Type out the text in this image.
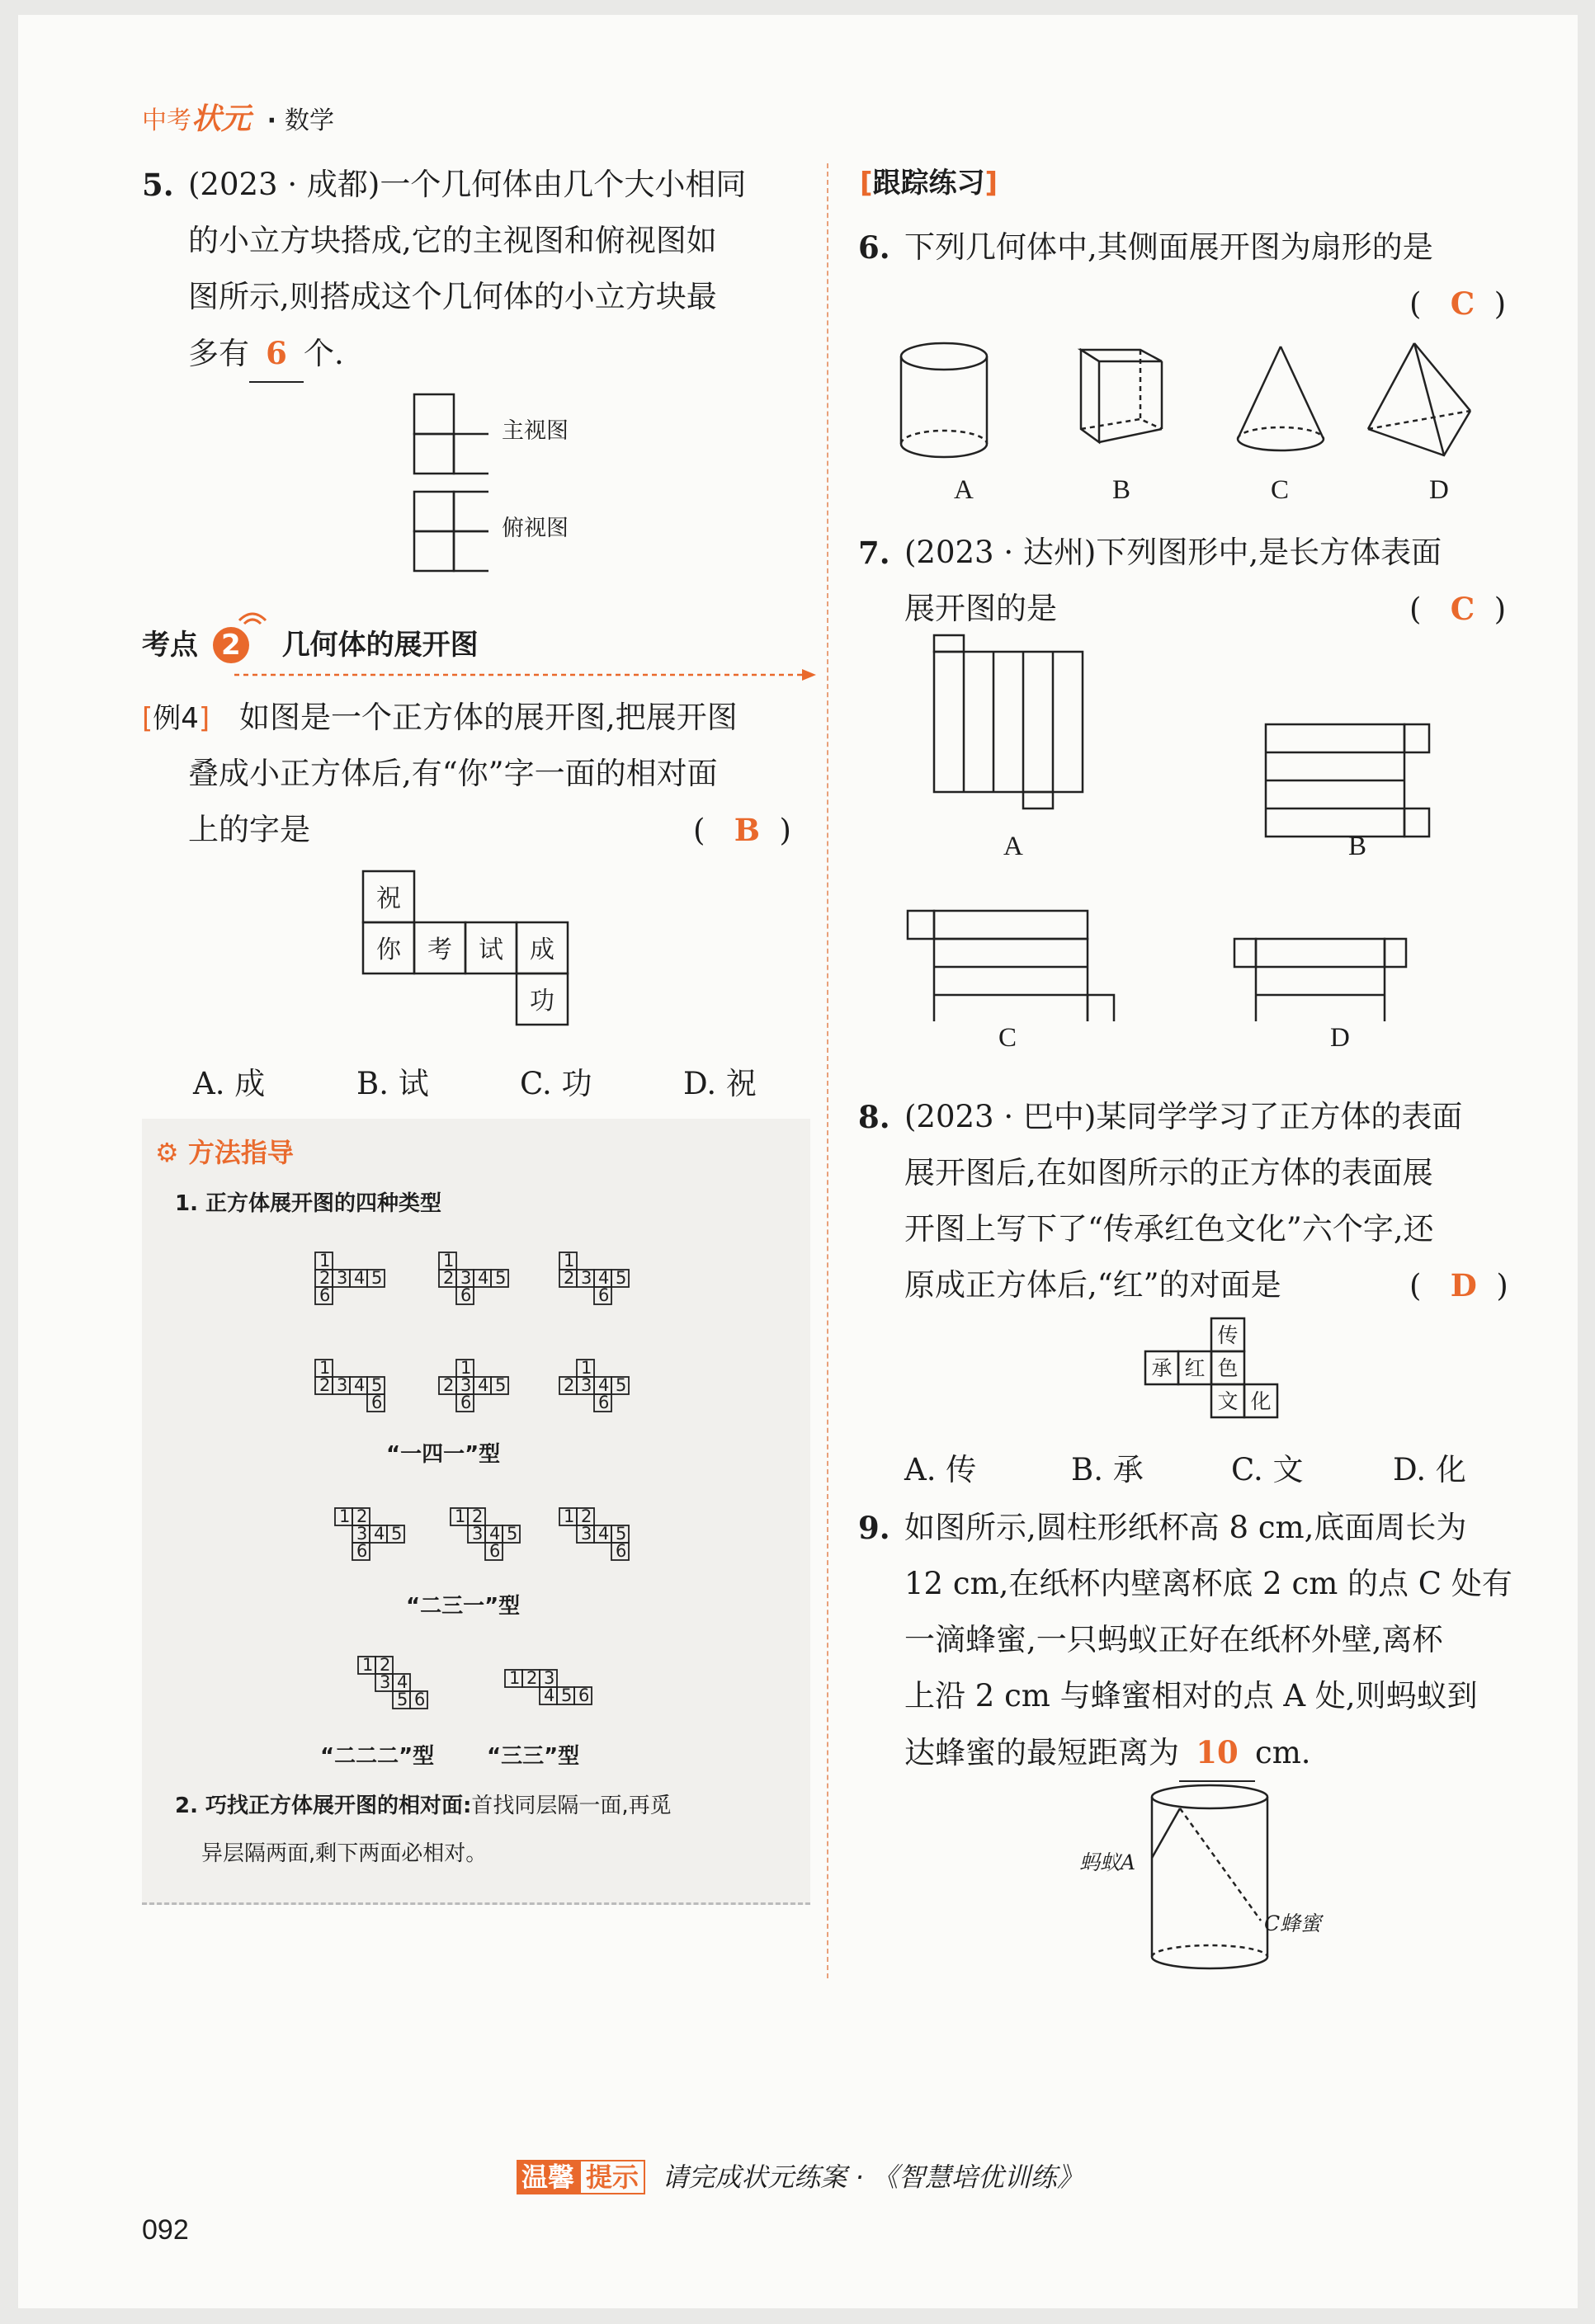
中考状元 · 数学
5. (2023 · 成都)一个几何体由几个大小相同
的小立方块搭成,它的主视图和俯视图如
图所示,则搭成这个几何体的小立方块最
多有 6 个.
主视图
俯视图
考点 2 几何体的展开图
[例4] 如图是一个正方体的展开图,把展开图
叠成小正方体后,有“你”字一面的相对面
上的字是	(   B  )
祝
你 考 试 成
功
A. 成	B. 试	C. 功	D. 祝
⚙ 方法指导
1. 正方体展开图的四种类型
1
2 3 4 5
6
1
2 3 4 5
6
1
2 3 4 5
6
1
2 3 4 5
6
1
2 3 4 5
6
1
2 3 4 5
6
1 2
3 4 5
6
1 2
3 4 5
6
1 2
3 4 5
6
1 2
3 4
5 6
1 2 3
4 5 6
“一四一”型
“二三一”型
“二二二”型 “三三”型
2. 巧找正方体展开图的相对面:首找同层隔一面,再觅
异层隔两面,剩下两面必相对。
[跟踪练习]
6. 下列几何体中,其侧面展开图为扇形的是
(   C  )
A	B	C	D
7. (2023 · 达州)下列图形中,是长方体表面
展开图的是	(   C  )
A	B
C	D
8. (2023 · 巴中)某同学学习了正方体的表面
展开图后,在如图所示的正方体的表面展
开图上写下了“传承红色文化”六个字,还
原成正方体后,“红”的对面是	(   D  )
传
承 红 色
文 化
A. 传	B. 承	C. 文	D. 化
9. 如图所示,圆柱形纸杯高 8 cm,底面周长为
12 cm,在纸杯内壁离杯底 2 cm 的点 C 处有
一滴蜂蜜,一只蚂蚁正好在纸杯外壁,离杯
上沿 2 cm 与蜂蜜相对的点 A 处,则蚂蚁到
达蜂蜜的最短距离为 10 cm.
蚂蚁A
C蜂蜜
温馨 提示 请完成状元练案 · 《智慧培优训练》
092
